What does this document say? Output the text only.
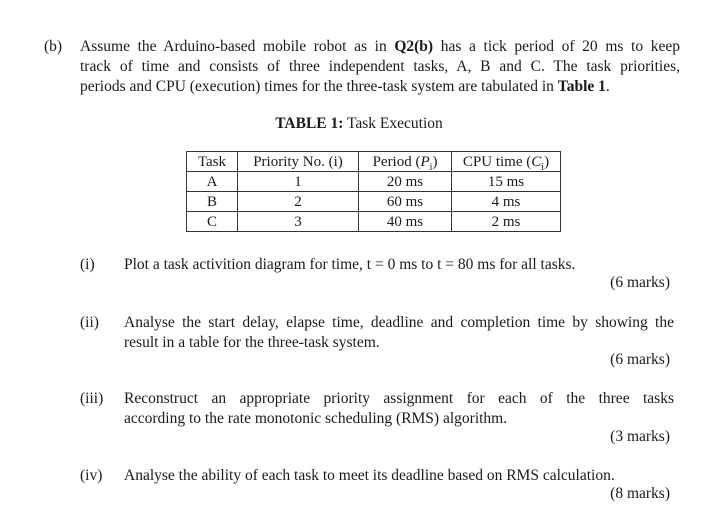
(b) Assume the Arduino-based mobile robot as in Q2(b) has a tick period of 20 ms to keep
track of time and consists of three independent tasks, A, B and C. The task priorities,
periods and CPU (execution) times for the three-task system are tabulated in Table 1.
TABLE 1: Task Execution
Task	Priority No. (i)	Period $(P_i)$	CPU time $(C_i)$
A	1	20 ms	15 ms
B	2	60 ms	4 ms
C	3	40 ms	2 ms
(i) Plot a task activition diagram for time, t = 0 ms to t = 80 ms for all tasks.
(6 marks)
(ii) Analyse the start delay, elapse time, deadline and completion time by showing the
result in a table for the three-task system.
(6 marks)
(iii) Reconstruct an appropriate priority assignment for each of the three tasks
according to the rate monotonic scheduling (RMS) algorithm.
(3 marks)
(iv) Analyse the ability of each task to meet its deadline based on RMS calculation.
(8 marks)
